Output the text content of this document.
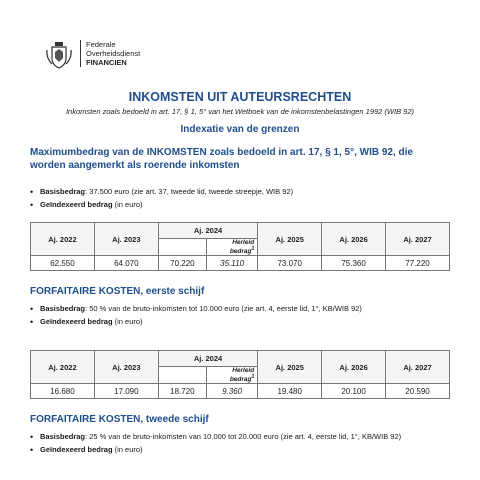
Federale
Overheidsdienst
FINANCIEN
INKOMSTEN UIT AUTEURSRECHTEN
Inkomsten zoals bedoeld in art. 17, § 1, 5° van het Wetboek van de inkomstenbelastingen 1992 (WIB 92)
Indexatie van de grenzen
Maximumbedrag van de INKOMSTEN zoals bedoeld in art. 17, § 1, 5°, WIB 92, die worden aangemerkt als roerende inkomsten
• Basisbedrag: 37.500 euro (zie art. 37, tweede lid, tweede streepje, WIB 92)
• Geïndexeerd bedrag (in euro)
Aj. 2022	Aj. 2023	Aj. 2024		Aj. 2025	Aj. 2026	Aj. 2027
			Herleid bedrag$^1$
62.550	64.070	70.220	35.110	73.070	75.360	77.220
FORFAITAIRE KOSTEN, eerste schijf
• Basisbedrag: 50 % van de bruto-inkomsten tot 10.000 euro (zie art. 4, eerste lid, 1°, KB/WIB 92)
• Geïndexeerd bedrag (in euro)
Aj. 2022	Aj. 2023	Aj. 2024		Aj. 2025	Aj. 2026	Aj. 2027
			Herleid bedrag$^1$
16.680	17.090	18.720	9.360	19.480	20.100	20.590
FORFAITAIRE KOSTEN, tweede schijf
• Basisbedrag: 25 % van de bruto-inkomsten van 10.000 tot 20.000 euro (zie art. 4, eerste lid, 1°, KB/WIB 92)
• Geïndexeerd bedrag (in euro)
